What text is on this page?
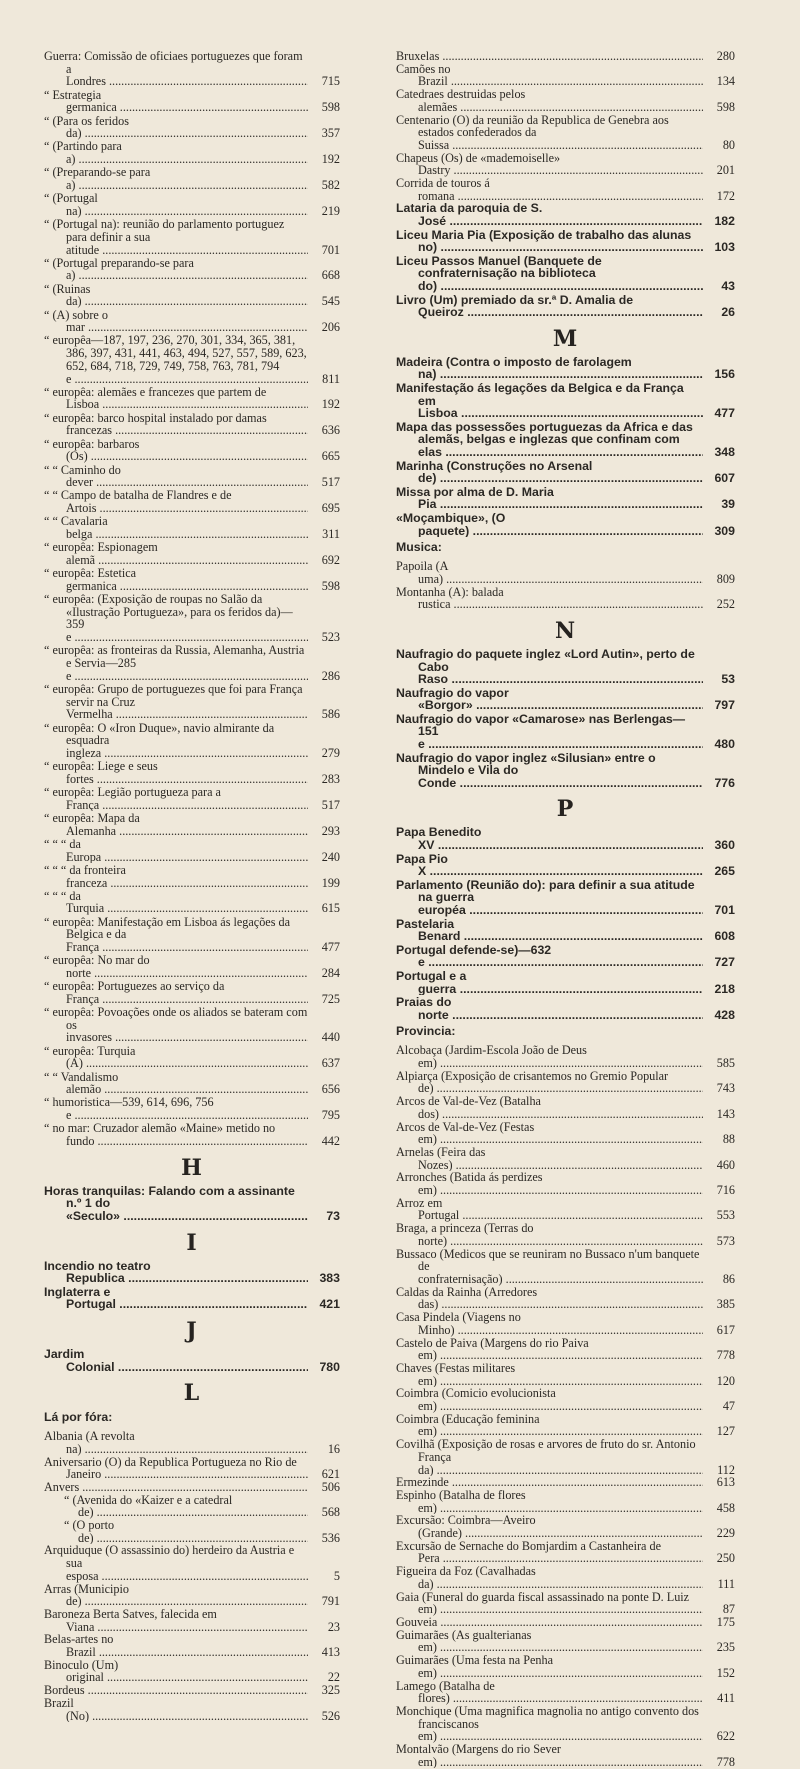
Guerra: Comissão de oficiaes portuguezes que foram a Londres .....	715
“ Estrategia germanica .....	598
“ (Para os feridos da) .....	357
“ (Partindo para a) .....	192
“ (Preparando-se para a) .....	582
“ (Portugal na) .....	219
“ (Portugal na): reunião do parlamento portuguez para definir a sua atitude .....	701
“ (Portugal preparando-se para a) .....	668
“ (Ruinas da) .....	545
“ (A) sobre o mar .....	206
“ europêa—187, 197, 236, 270, 301, 334, 365, 381, 386, 397, 431, 441, 463, 494, 527, 557, 589, 623, 652, 684, 718, 729, 749, 758, 763, 781, 794 e .....	811
“ europêa: alemães e francezes que partem de Lisboa .....	192
“ europêa: barco hospital instalado por damas francezas .....	636
“ europêa: barbaros (Os) .....	665
“ “ Caminho do dever .....	517
“ “ Campo de batalha de Flandres e de Artois .....	695
“ “ Cavalaria belga .....	311
“ europêa: Espionagem alemã .....	692
“ europêa: Estetica germanica .....	598
“ europêa: (Exposição de roupas no Salão da «Ilustração Portugueza», para os feridos da)—359 e .....	523
“ europêa: as fronteiras da Russia, Alemanha, Austria e Servia—285 e .....	286
“ europêa: Grupo de portuguezes que foi para França servir na Cruz Vermelha .....	586
“ europêa: O «Iron Duque», navio almirante da esquadra ingleza .....	279
“ europêa: Liege e seus fortes .....	283
“ europêa: Legião portugueza para a França .....	517
“ europêa: Mapa da Alemanha .....	293
“ “ “ da Europa .....	240
“ “ “ da fronteira franceza .....	199
“ “ “ da Turquia .....	615
“ europêa: Manifestação em Lisboa ás legações da Belgica e da França .....	477
“ europêa: No mar do norte .....	284
“ europêa: Portuguezes ao serviço da França .....	725
“ europêa: Povoações onde os aliados se bateram com os invasores .....	440
“ europêa: Turquia (A) .....	637
“ “ Vandalismo alemão .....	656
“ humoristica—539, 614, 696, 756 e .....	795
“ no mar: Cruzador alemão «Maine» metido no fundo .....	442
H
Horas tranquilas: Falando com a assinante n.º 1 do «Seculo» .....	73
I
Incendio no teatro Republica .....	383
Inglaterra e Portugal .....	421
J
Jardim Colonial .....	780
L
Lá por fóra:
Albania (A revolta na) .....	16
Aniversario (O) da Republica Portugueza no Rio de Janeiro .....	621
Anvers .....	506
“ (Avenida do «Kaizer e a catedral de) .....	568
“ (O porto de) .....	536
Arquiduque (O assassinio do) herdeiro da Austria e sua esposa .....	5
Arras (Municipio de) .....	791
Baroneza Berta Satves, falecida em Viana .....	23
Belas-artes no Brazil .....	413
Binoculo (Um) original .....	22
Bordeus .....	325
Brazil (No) .....	526
Bruxelas .....	280
Camões no Brazil .....	134
Catedraes destruidas pelos alemães .....	598
Centenario (O) da reunião da Republica de Genebra aos estados confederados da Suissa .....	80
Chapeus (Os) de «mademoiselle» Dastry .....	201
Corrida de touros á romana .....	172
Lataria da paroquia de S. José .....	182
Liceu Maria Pia (Exposição de trabalho das alunas no) .....	103
Liceu Passos Manuel (Banquete de confraternisação na biblioteca do) .....	43
Livro (Um) premiado da sr.ª D. Amalia de Queiroz .....	26
M
Madeira (Contra o imposto de farolagem na) .....	156
Manifestação ás legações da Belgica e da França em Lisboa .....	477
Mapa das possessões portuguezas da Africa e das alemãs, belgas e inglezas que confinam com elas .....	348
Marinha (Construções no Arsenal de) .....	607
Missa por alma de D. Maria Pia .....	39
«Moçambique», (O paquete) .....	309
Musica:
Papoila (A uma) .....	809
Montanha (A): balada rustica .....	252
N
Naufragio do paquete inglez «Lord Autin», perto de Cabo Raso .....	53
Naufragio do vapor «Borgor» .....	797
Naufragio do vapor «Camarose» nas Berlengas—151 e .....	480
Naufragio do vapor inglez «Silusian» entre o Mindelo e Vila do Conde .....	776
P
Papa Benedito XV .....	360
Papa Pio X .....	265
Parlamento (Reunião do): para definir a sua atitude na guerra européa .....	701
Pastelaria Benard .....	608
Portugal defende-se)—632 e .....	727
Portugal e a guerra .....	218
Praias do norte .....	428
Provincia:
Alcobaça (Jardim-Escola João de Deus em) .....	585
Alpiarça (Exposição de crisantemos no Gremio Popular de) .....	743
Arcos de Val-de-Vez (Batalha dos) .....	143
Arcos de Val-de-Vez (Festas em) .....	88
Arnelas (Feira das Nozes) .....	460
Arronches (Batida ás perdizes em) .....	716
Arroz em Portugal .....	553
Braga, a princeza (Terras do norte) .....	573
Bussaco (Medicos que se reuniram no Bussaco n'um banquete de confraternisação) .....	86
Caldas da Rainha (Arredores das) .....	385
Casa Pindela (Viagens no Minho) .....	617
Castelo de Paiva (Margens do rio Paiva em) .....	778
Chaves (Festas militares em) .....	120
Coimbra (Comicio evolucionista em) .....	47
Coimbra (Educação feminina em) .....	127
Covilhã (Exposição de rosas e arvores de fruto do sr. Antonio França da) .....	112
Ermezinde .....	613
Espinho (Batalha de flores em) .....	458
Excursão: Coimbra—Aveiro (Grande) .....	229
Excursão de Sernache do Bomjardim a Castanheira de Pera .....	250
Figueira da Foz (Cavalhadas da) .....	111
Gaia (Funeral do guarda fiscal assassinado na ponte D. Luiz em) .....	87
Gouveia .....	175
Guimarães (As gualterianas em) .....	235
Guimarães (Uma festa na Penha em) .....	152
Lamego (Batalha de flores) .....	411
Monchique (Uma magnifica magnolia no antigo convento dos franciscanos em) .....	622
Montalvão (Margens do rio Sever em) .....	778
